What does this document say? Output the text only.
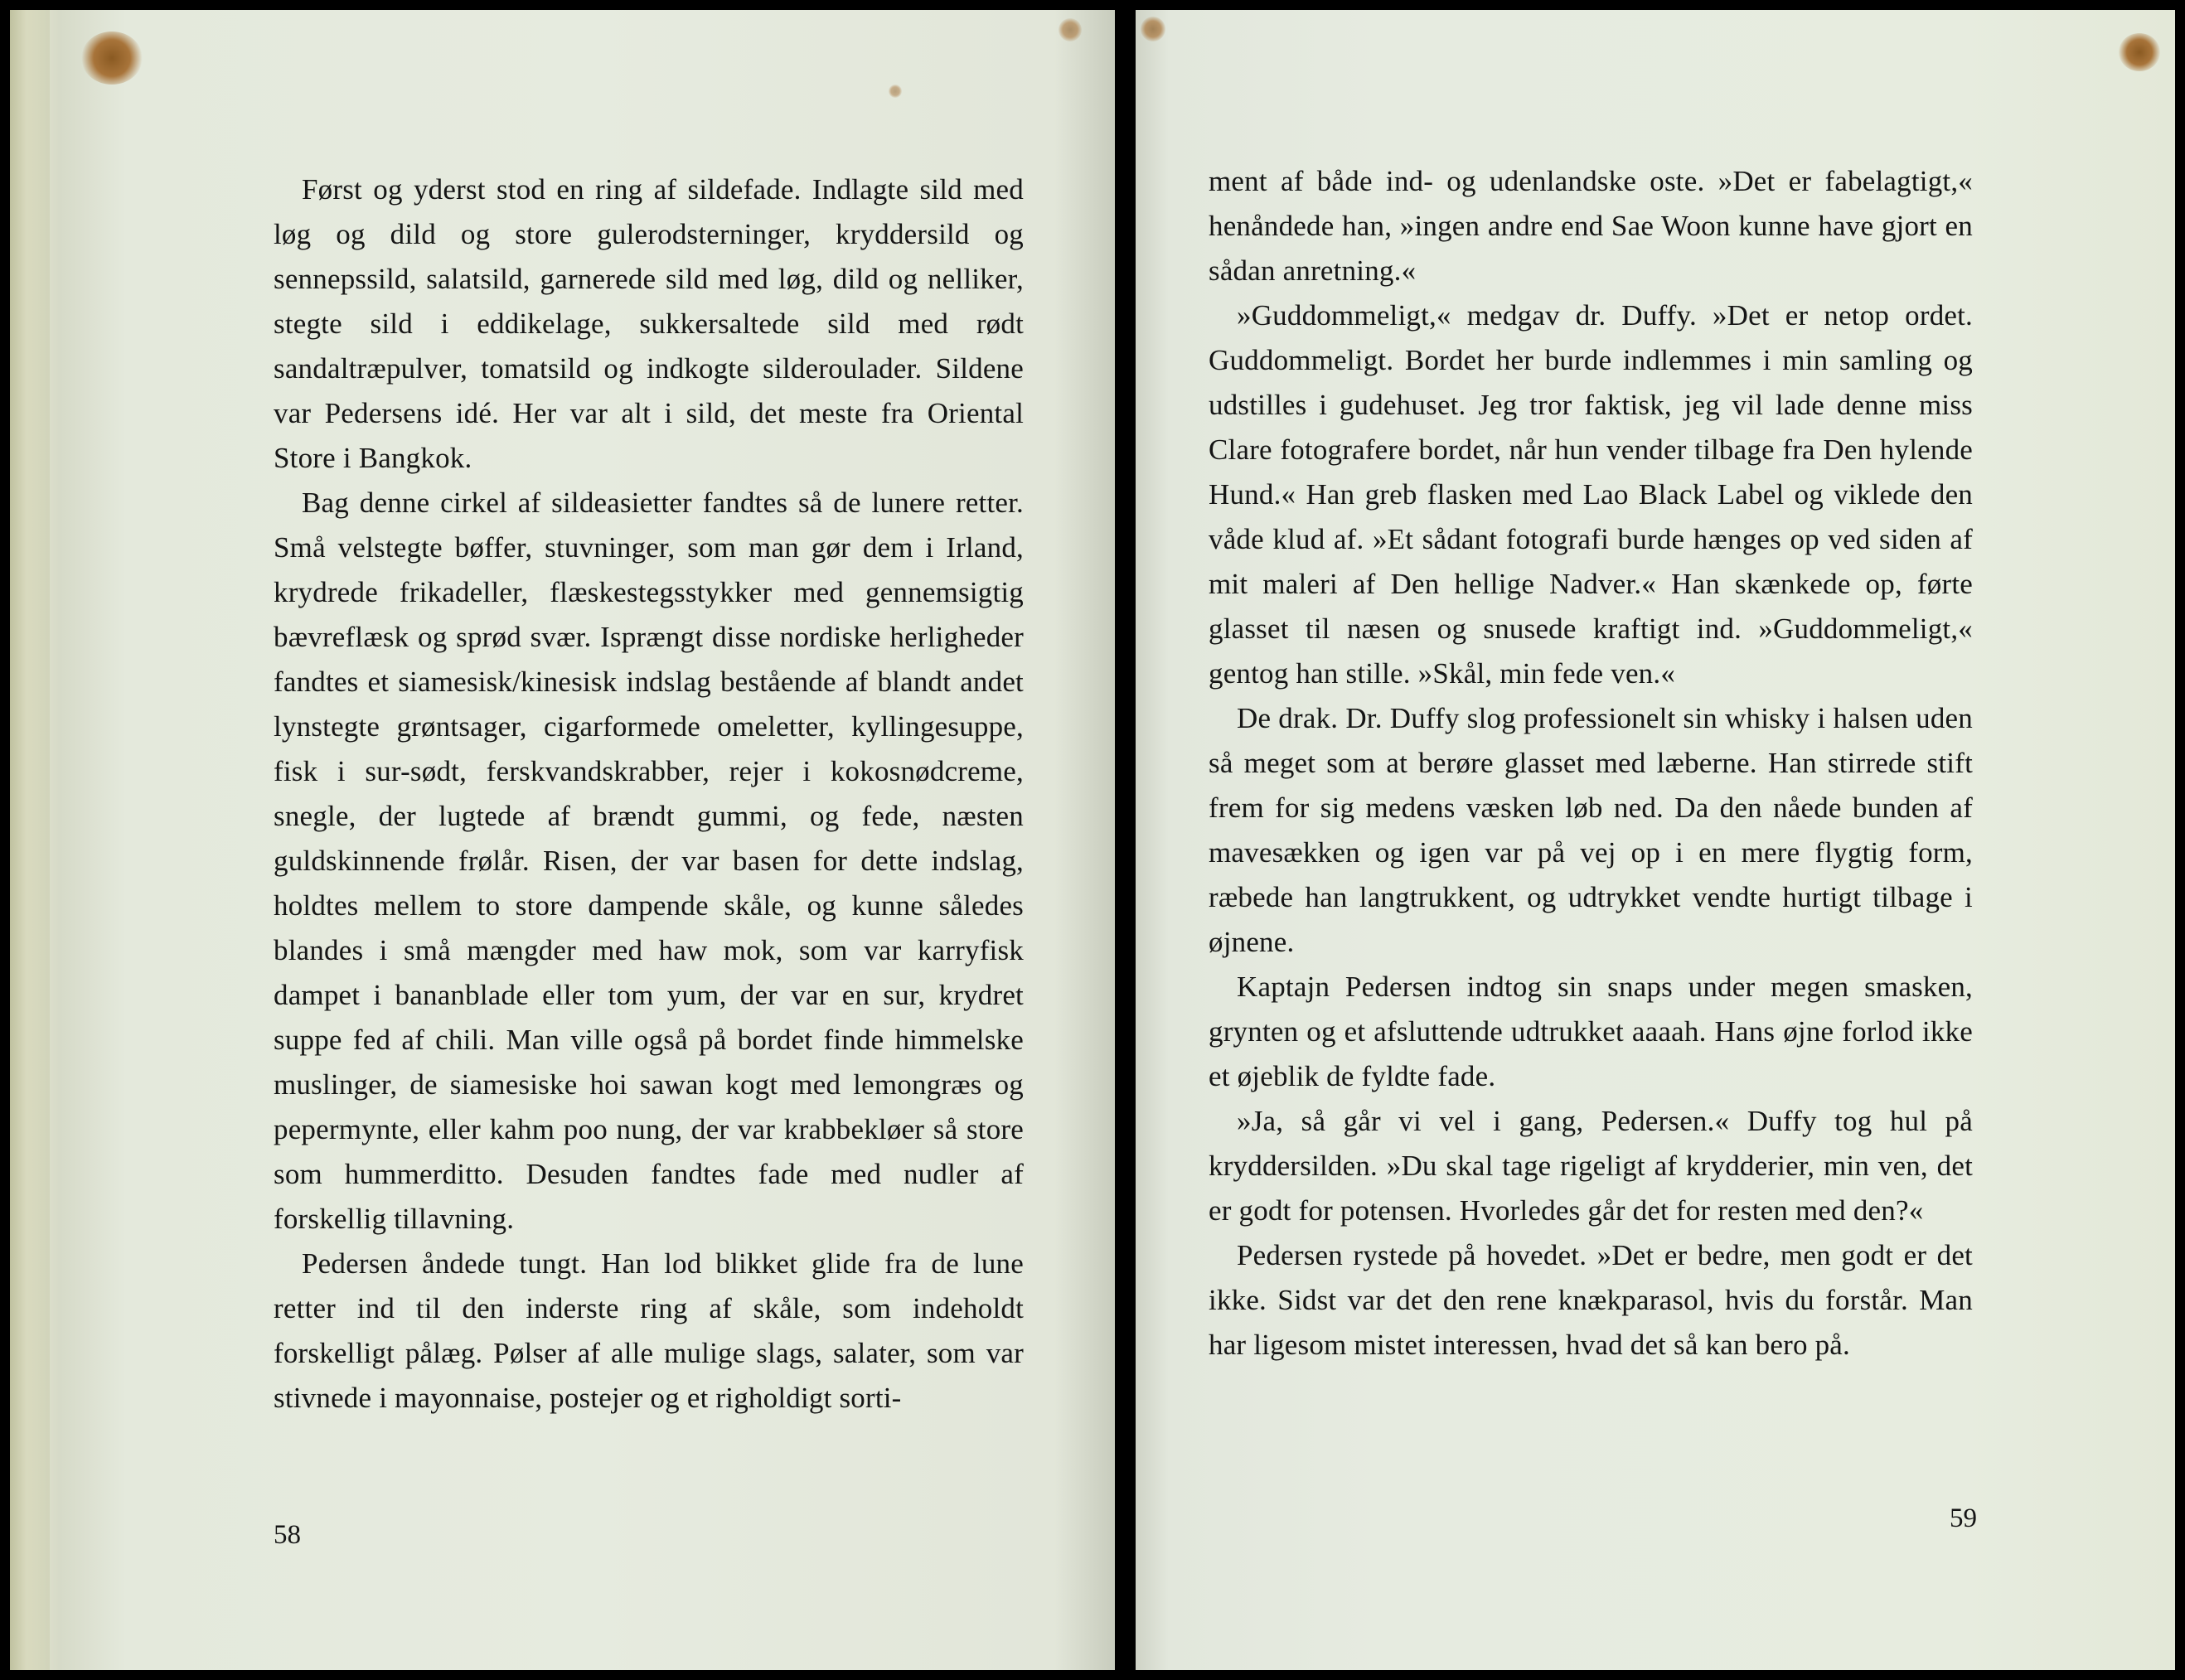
Først og yderst stod en ring af sildefade. Indlagte sild med løg og dild og store gulerodsterninger, kryddersild og sennepssild, salatsild, garnerede sild med løg, dild og nelliker, stegte sild i eddikelage, sukkersaltede sild med rødt sandaltræpulver, tomatsild og indkogte silderoulader. Sildene var Pedersens idé. Her var alt i sild, det meste fra Oriental Store i Bangkok.

Bag denne cirkel af sildeasietter fandtes så de lunere retter. Små velstegte bøffer, stuvninger, som man gør dem i Irland, krydrede frikadeller, flæskestegsstykker med gennemsigtig bævreflæsk og sprød svær. Isprængt disse nordiske herligheder fandtes et siamesisk/kinesisk indslag bestående af blandt andet lynstegte grøntsager, cigarformede omeletter, kyllingesuppe, fisk i sur-sødt, ferskvandskrabber, rejer i kokosnødcreme, snegle, der lugtede af brændt gummi, og fede, næsten guldskinnende frølår. Risen, der var basen for dette indslag, holdtes mellem to store dampende skåle, og kunne således blandes i små mængder med haw mok, som var karryfisk dampet i bananblade eller tom yum, der var en sur, krydret suppe fed af chili. Man ville også på bordet finde himmelske muslinger, de siamesiske hoi sawan kogt med lemongræs og pepermynte, eller kahm poo nung, der var krabbekløer så store som hummerditto. Desuden fandtes fade med nudler af forskellig tillavning.

Pedersen åndede tungt. Han lod blikket glide fra de lune retter ind til den inderste ring af skåle, som indeholdt forskelligt pålæg. Pølser af alle mulige slags, salater, som var stivnede i mayonnaise, postejer og et righoldigt sorti-

58

ment af både ind- og udenlandske oste. »Det er fabelagtigt,« henåndede han, »ingen andre end Sae Woon kunne have gjort en sådan anretning.«

»Guddommeligt,« medgav dr. Duffy. »Det er netop ordet. Guddommeligt. Bordet her burde indlemmes i min samling og udstilles i gudehuset. Jeg tror faktisk, jeg vil lade denne miss Clare fotografere bordet, når hun vender tilbage fra Den hylende Hund.« Han greb flasken med Lao Black Label og viklede den våde klud af. »Et sådant fotografi burde hænges op ved siden af mit maleri af Den hellige Nadver.« Han skænkede op, førte glasset til næsen og snusede kraftigt ind. »Guddommeligt,« gentog han stille. »Skål, min fede ven.«

De drak. Dr. Duffy slog professionelt sin whisky i halsen uden så meget som at berøre glasset med læberne. Han stirrede stift frem for sig medens væsken løb ned. Da den nåede bunden af mavesækken og igen var på vej op i en mere flygtig form, ræbede han langtrukkent, og udtrykket vendte hurtigt tilbage i øjnene.

Kaptajn Pedersen indtog sin snaps under megen smasken, grynten og et afsluttende udtrukket aaaah. Hans øjne forlod ikke et øjeblik de fyldte fade.

»Ja, så går vi vel i gang, Pedersen.« Duffy tog hul på kryddersilden. »Du skal tage rigeligt af krydderier, min ven, det er godt for potensen. Hvorledes går det for resten med den?«

Pedersen rystede på hovedet. »Det er bedre, men godt er det ikke. Sidst var det den rene knækparasol, hvis du forstår. Man har ligesom mistet interessen, hvad det så kan bero på.

59
